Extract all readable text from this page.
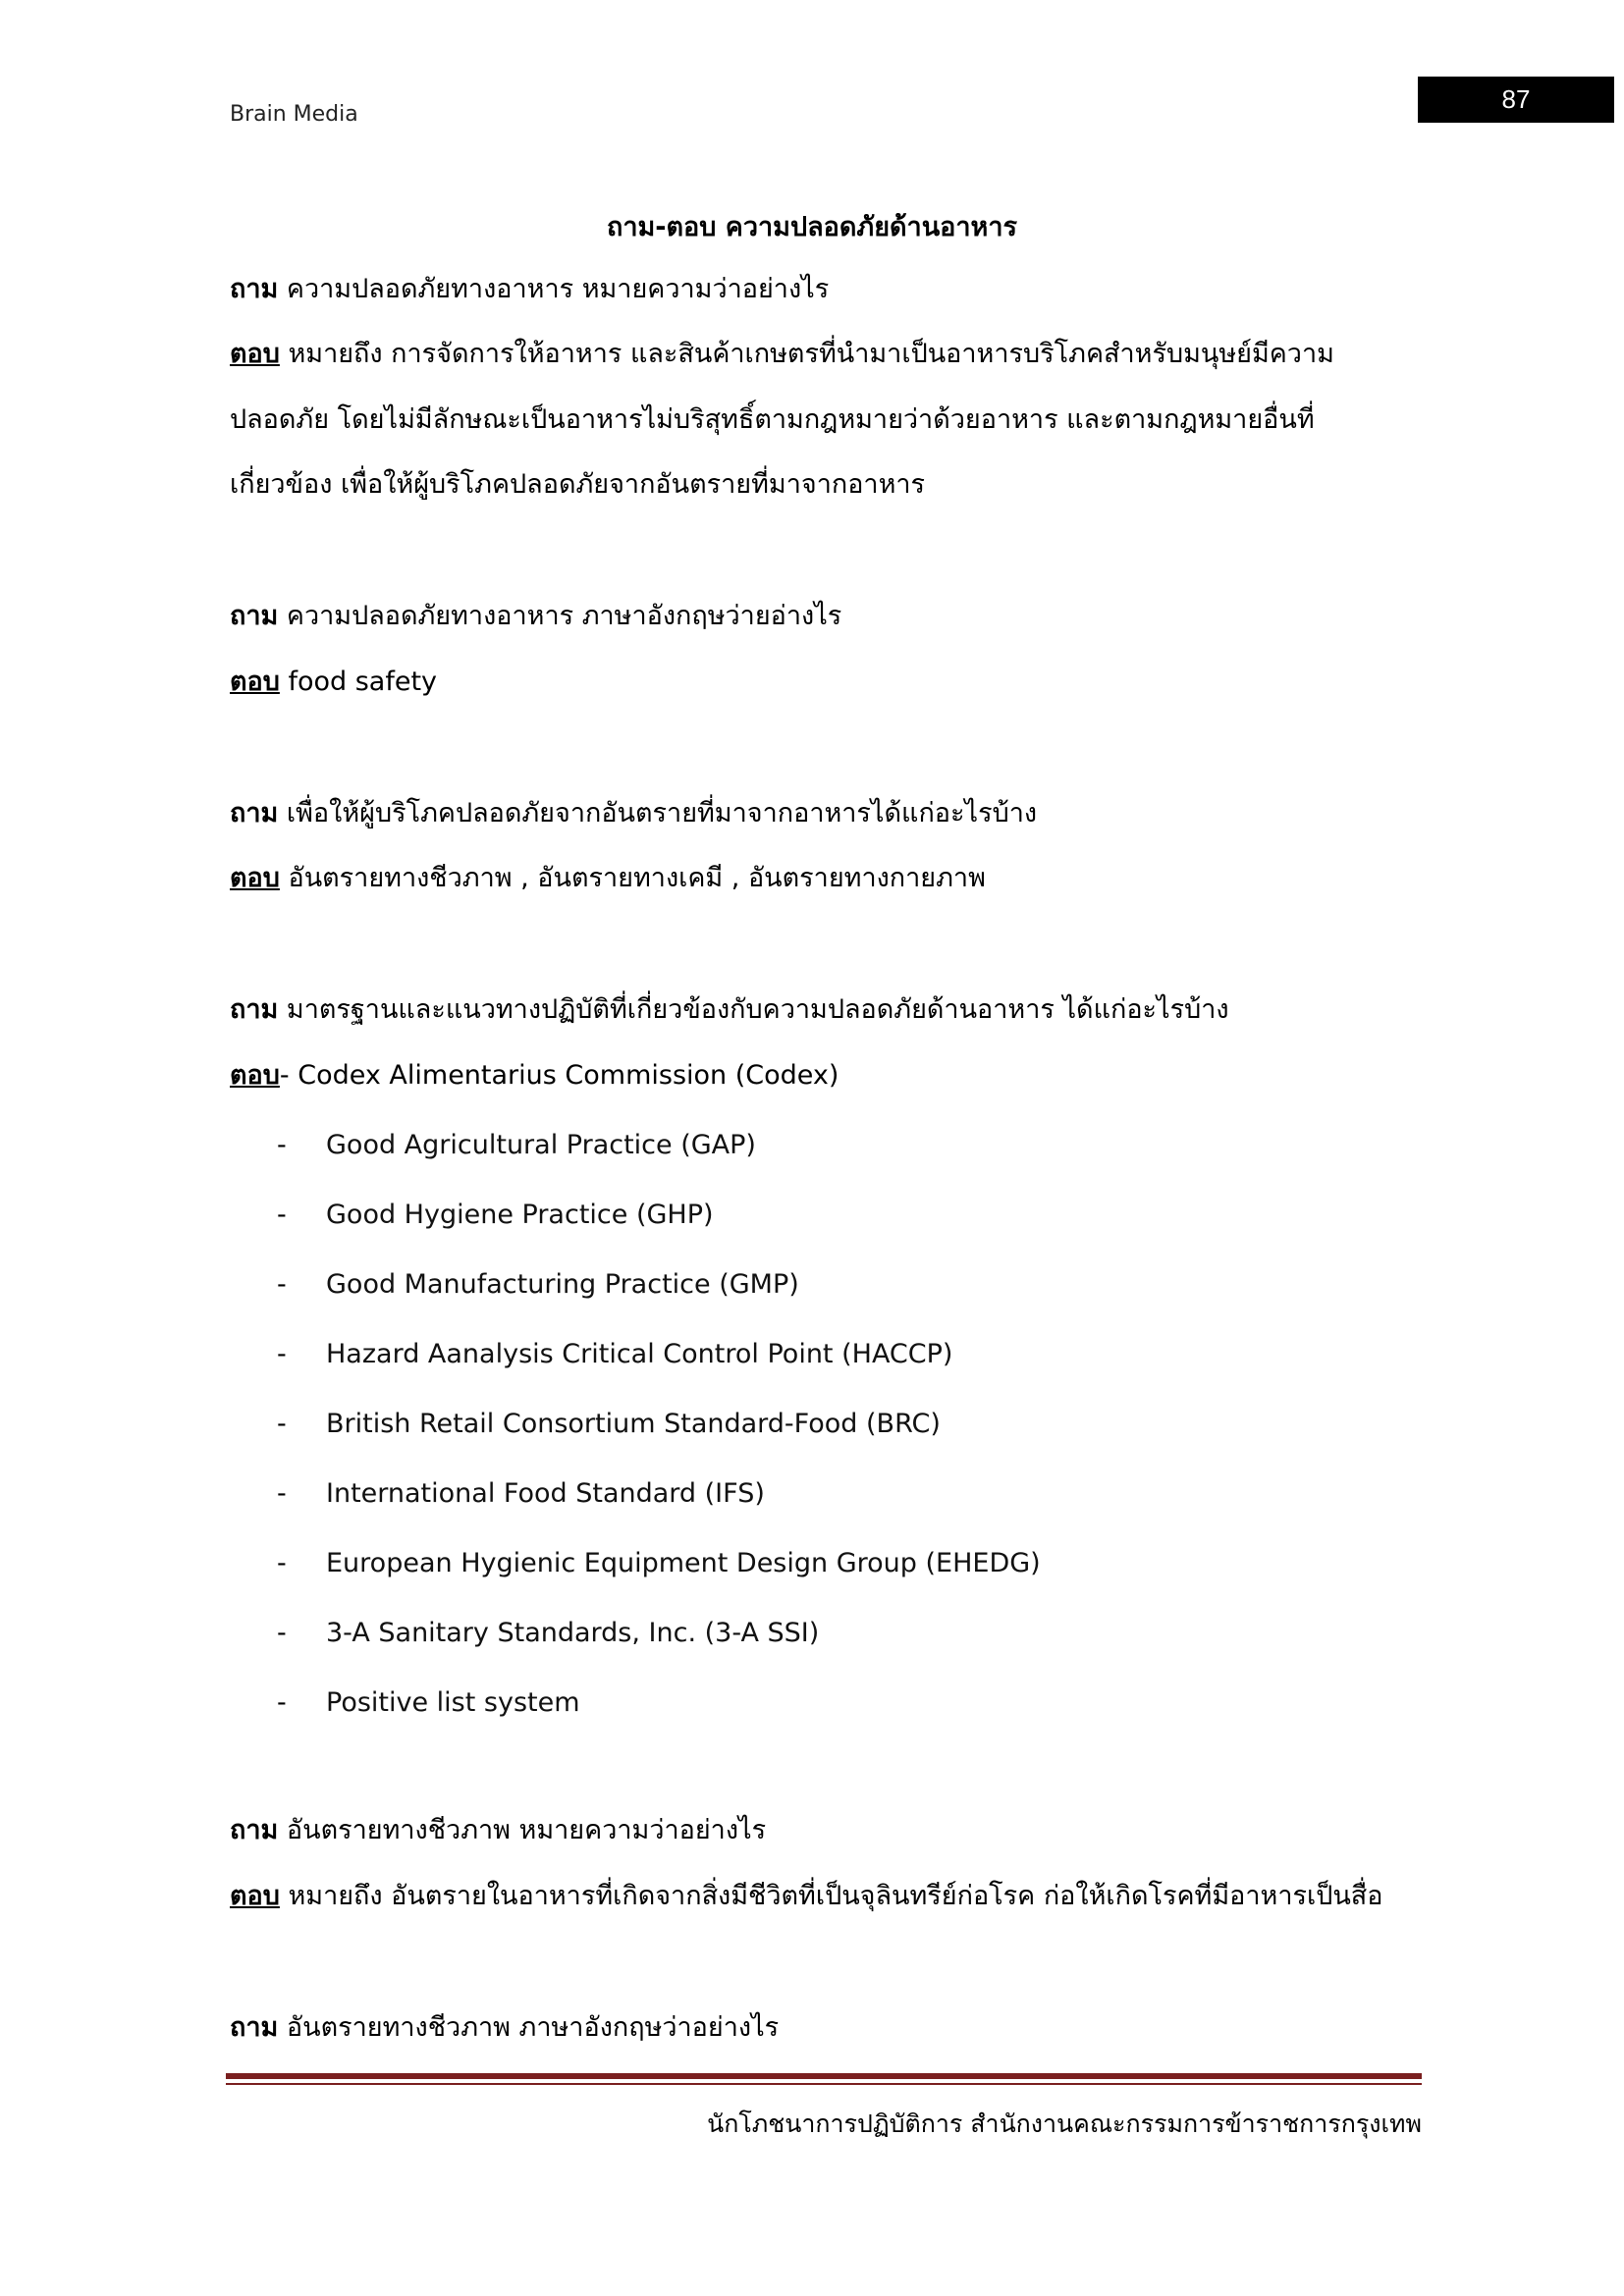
Brain Media
87
ถาม-ตอบ ความปลอดภัยด้านอาหาร
ถาม ความปลอดภัยทางอาหาร หมายความว่าอย่างไร
ตอบ หมายถึง การจัดการให้อาหาร และสินค้าเกษตรที่นำมาเป็นอาหารบริโภคสำหรับมนุษย์มีความ
ปลอดภัย โดยไม่มีลักษณะเป็นอาหารไม่บริสุทธิ์ตามกฎหมายว่าด้วยอาหาร และตามกฎหมายอื่นที่
เกี่ยวข้อง เพื่อให้ผู้บริโภคปลอดภัยจากอันตรายที่มาจากอาหาร
ถาม ความปลอดภัยทางอาหาร ภาษาอังกฤษว่ายอ่างไร
ตอบ food safety
ถาม เพื่อให้ผู้บริโภคปลอดภัยจากอันตรายที่มาจากอาหารได้แก่อะไรบ้าง
ตอบ อันตรายทางชีวภาพ , อันตรายทางเคมี , อันตรายทางกายภาพ
ถาม มาตรฐานและแนวทางปฏิบัติที่เกี่ยวข้องกับความปลอดภัยด้านอาหาร ได้แก่อะไรบ้าง
ตอบ- Codex Alimentarius Commission (Codex)
- Good Agricultural Practice (GAP)
- Good Hygiene Practice (GHP)
- Good Manufacturing Practice (GMP)
- Hazard Aanalysis Critical Control Point (HACCP)
- British Retail Consortium Standard-Food (BRC)
- International Food Standard (IFS)
- European Hygienic Equipment Design Group (EHEDG)
- 3-A Sanitary Standards, Inc. (3-A SSI)
- Positive list system
ถาม อันตรายทางชีวภาพ หมายความว่าอย่างไร
ตอบ หมายถึง อันตรายในอาหารที่เกิดจากสิ่งมีชีวิตที่เป็นจุลินทรีย์ก่อโรค ก่อให้เกิดโรคที่มีอาหารเป็นสื่อ
ถาม อันตรายทางชีวภาพ ภาษาอังกฤษว่าอย่างไร
นักโภชนาการปฏิบัติการ สำนักงานคณะกรรมการข้าราชการกรุงเทพ
